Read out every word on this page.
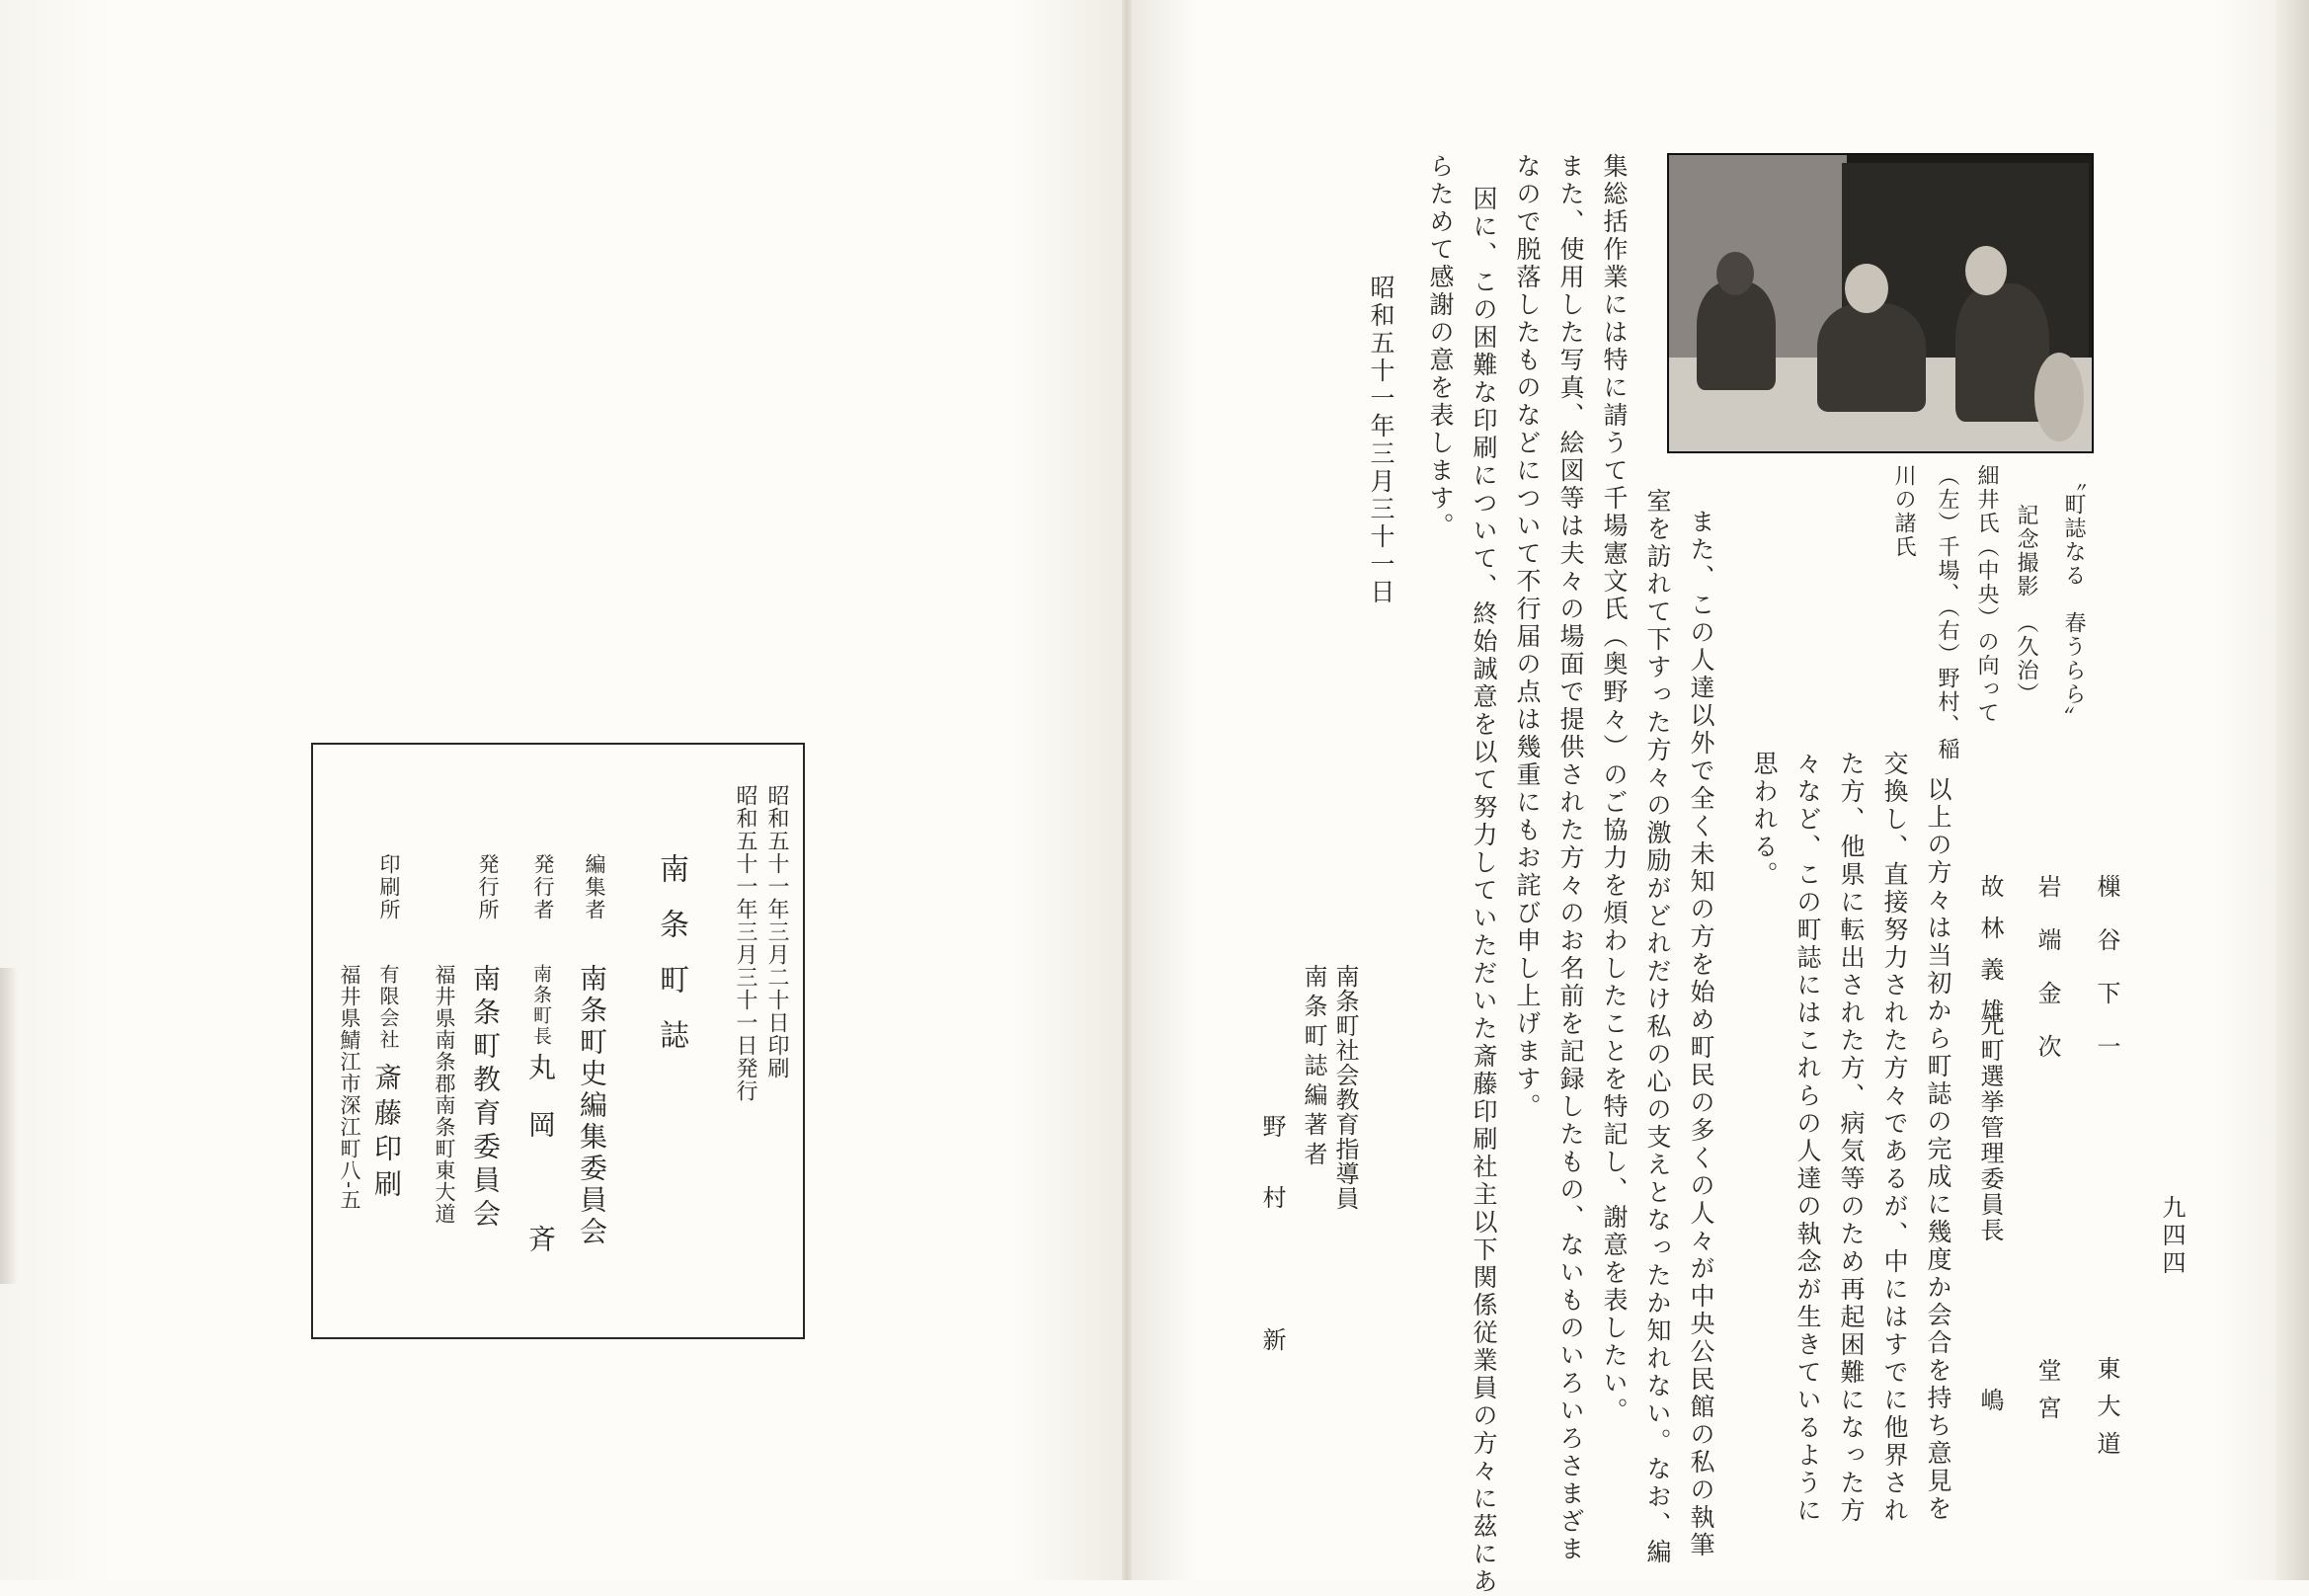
九四四
樔谷下一
東大道
岩端金次
堂宮
故林義雄
元町選挙管理委員長
嶋
以上の方々は当初から町誌の完成に幾度か会合を持ち意見を
交換し、直接努力された方々であるが、中にはすでに他界され
た方、他県に転出された方、病気等のため再起困難になった方
々など、この町誌にはこれらの人達の執念が生きているように
思われる。
〝町誌なる　春うらら〟
記念撮影　（久治）
細井氏（中央）の向って
（左）千場、（右）野村、稲
川の諸氏
また、この人達以外で全く未知の方を始め町民の多くの人々が中央公民館の私の執筆
室を訪れて下すった方々の激励がどれだけ私の心の支えとなったか知れない。なお、編
集総括作業には特に請うて千場憲文氏（奥野々）のご協力を煩わしたことを特記し、謝意を表したい。
また、使用した写真、絵図等は夫々の場面で提供された方々のお名前を記録したもの、ないものいろいろさまざま
なので脱落したものなどについて不行届の点は幾重にもお詫び申し上げます。
因に、この困難な印刷について、終始誠意を以て努力していただいた斎藤印刷社主以下関係従業員の方々に茲にあ
らためて感謝の意を表します。
昭和五十一年三月三十一日
南条町社会教育指導員
南条町誌編著者
野村　新
昭和五十一年三月二十日印刷
昭和五十一年三月三十一日発行
南条町誌
編集者
南条町史編集委員会
発行者
南条町長
丸岡　斉
発行所
南条町教育委員会
福井県南条郡南条町東大道
印刷所
有限会社
斎藤印刷
福井県鯖江市深江町八-五
